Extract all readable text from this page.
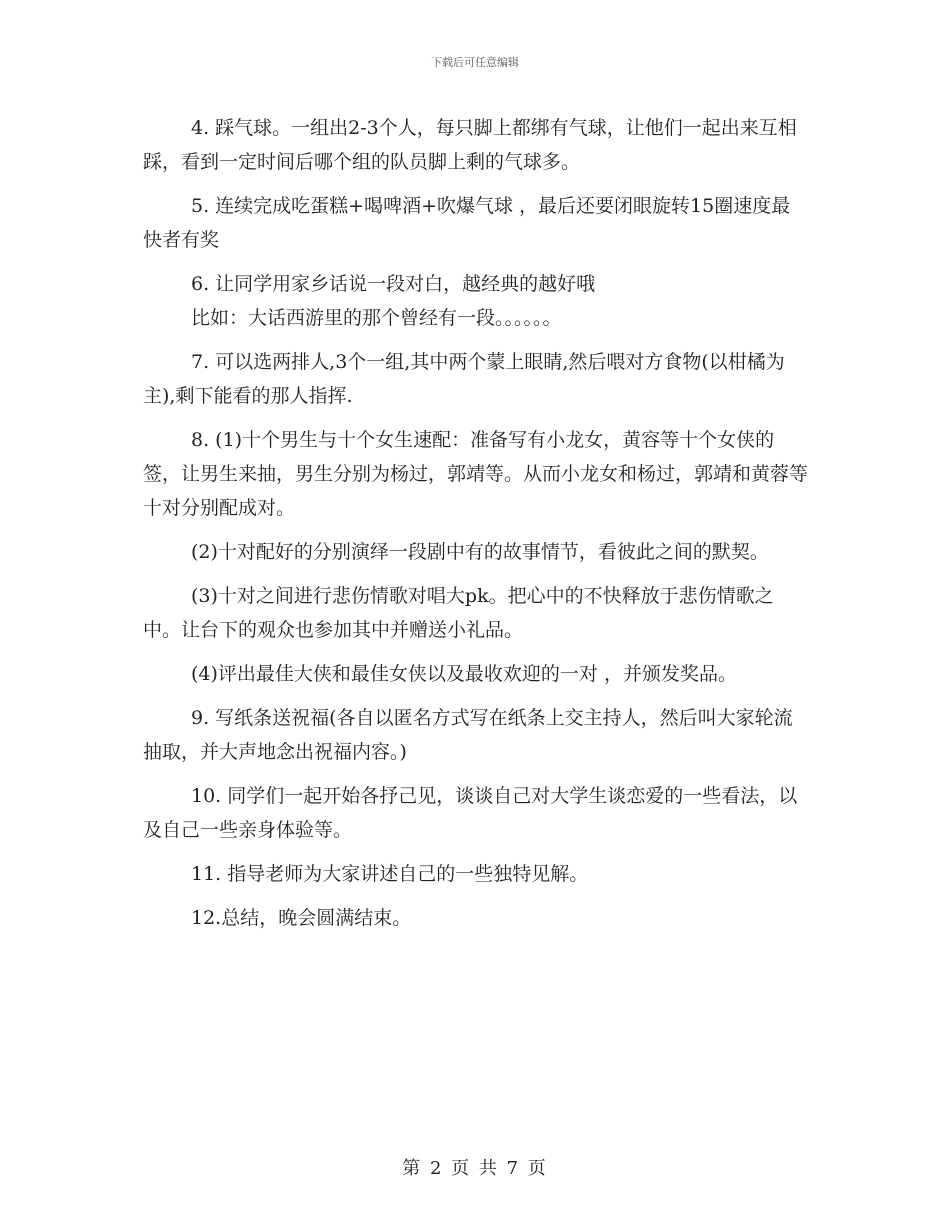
下载后可任意编辑

4. 踩气球。一组出2-3个人，每只脚上都绑有气球，让他们一起出来互相踩，看到一定时间后哪个组的队员脚上剩的气球多。

5. 连续完成吃蛋糕+喝啤酒+吹爆气球 ，最后还要闭眼旋转15圈速度最快者有奖

6. 让同学用家乡话说一段对白，越经典的越好哦

比如：大话西游里的那个曾经有一段。。。。。。

7. 可以选两排人,3个一组,其中两个蒙上眼睛,然后喂对方食物(以柑橘为主),剩下能看的那人指挥.

8. (1)十个男生与十个女生速配：准备写有小龙女，黄容等十个女侠的签，让男生来抽，男生分别为杨过，郭靖等。从而小龙女和杨过，郭靖和黄蓉等十对分别配成对。

(2)十对配好的分别演绎一段剧中有的故事情节，看彼此之间的默契。

(3)十对之间进行悲伤情歌对唱大pk。把心中的不快释放于悲伤情歌之中。让台下的观众也参加其中并赠送小礼品。

(4)评出最佳大侠和最佳女侠以及最收欢迎的一对 ，并颁发奖品。

9. 写纸条送祝福(各自以匿名方式写在纸条上交主持人，然后叫大家轮流抽取，并大声地念出祝福内容。)

10. 同学们一起开始各抒己见，谈谈自己对大学生谈恋爱的一些看法，以及自己一些亲身体验等。

11. 指导老师为大家讲述自己的一些独特见解。

12.总结，晚会圆满结束。

第 2 页 共 7 页
